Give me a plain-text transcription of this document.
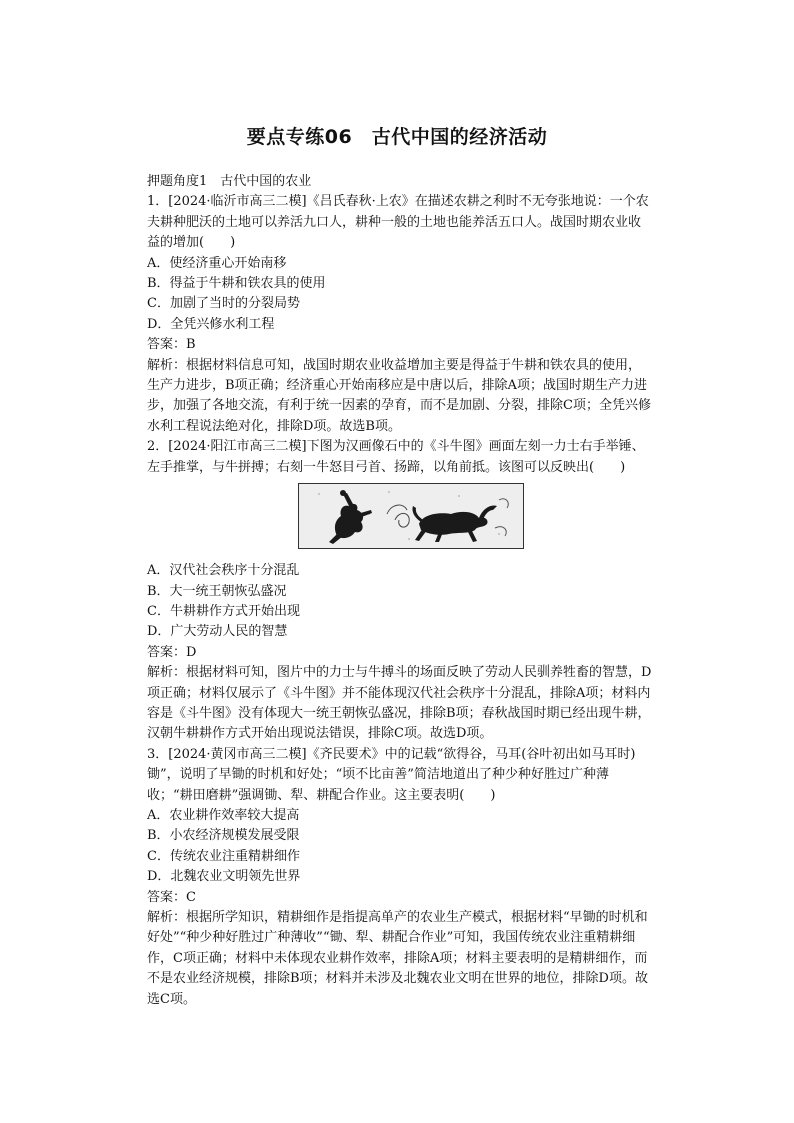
要点专练06　古代中国的经济活动

押题角度1　古代中国的农业

1．[2024·临沂市高三二模]《吕氏春秋·上农》在描述农耕之利时不无夸张地说：一个农夫耕种肥沃的土地可以养活九口人，耕种一般的土地也能养活五口人。战国时期农业收益的增加(　　)

A．使经济重心开始南移

B．得益于牛耕和铁农具的使用

C．加剧了当时的分裂局势

D．全凭兴修水利工程

答案：B

解析：根据材料信息可知，战国时期农业收益增加主要是得益于牛耕和铁农具的使用，生产力进步，B项正确；经济重心开始南移应是中唐以后，排除A项；战国时期生产力进步，加强了各地交流，有利于统一因素的孕育，而不是加剧、分裂，排除C项；全凭兴修水利工程说法绝对化，排除D项。故选B项。

2．[2024·阳江市高三二模]下图为汉画像石中的《斗牛图》画面左刻一力士右手举锤、左手推掌，与牛拼搏；右刻一牛怒目弓首、扬蹄，以角前抵。该图可以反映出(　　)

A．汉代社会秩序十分混乱

B．大一统王朝恢弘盛况

C．牛耕耕作方式开始出现

D．广大劳动人民的智慧

答案：D

解析：根据材料可知，图片中的力士与牛搏斗的场面反映了劳动人民驯养牲畜的智慧，D项正确；材料仅展示了《斗牛图》并不能体现汉代社会秩序十分混乱，排除A项；材料内容是《斗牛图》没有体现大一统王朝恢弘盛况，排除B项；春秋战国时期已经出现牛耕，汉朝牛耕耕作方式开始出现说法错误，排除C项。故选D项。

3．[2024·黄冈市高三二模]《齐民要术》中的记载“欲得谷，马耳(谷叶初出如马耳时)锄”，说明了早锄的时机和好处；“顷不比亩善”简洁地道出了种少种好胜过广种薄收；“耕田磨耕”强调锄、犁、耕配合作业。这主要表明(　　)

A．农业耕作效率较大提高

B．小农经济规模发展受限

C．传统农业注重精耕细作

D．北魏农业文明领先世界

答案：C

解析：根据所学知识，精耕细作是指提高单产的农业生产模式，根据材料“早锄的时机和好处”“种少种好胜过广种薄收”“锄、犁、耕配合作业”可知，我国传统农业注重精耕细作，C项正确；材料中未体现农业耕作效率，排除A项；材料主要表明的是精耕细作，而不是农业经济规模，排除B项；材料并未涉及北魏农业文明在世界的地位，排除D项。故选C项。
